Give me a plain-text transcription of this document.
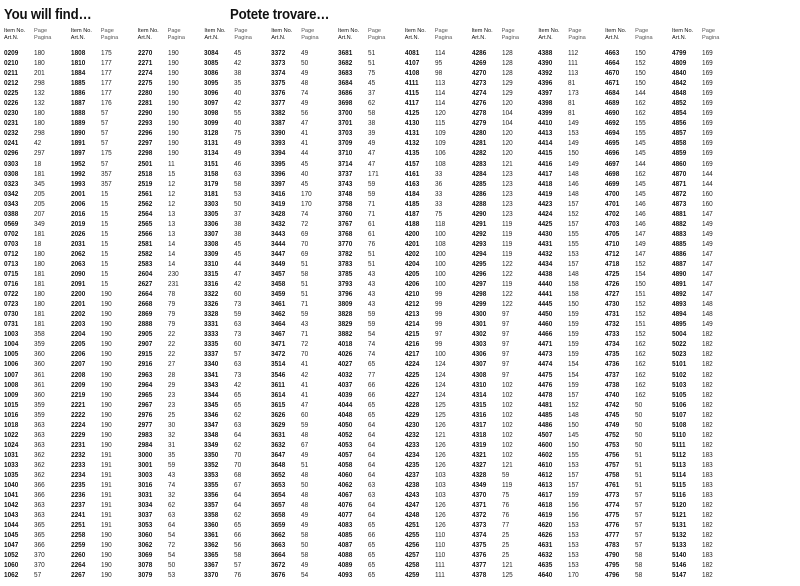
You will find…	Potete trovare…
Item No.
Art.N.
Page
Pagina
0209 180
0210 180
0211 201
0212 298
0225 132
0226 132
0230 180
0231 180
0232 298
0241 42
0296 297
0303 18
0308 181
0323 345
0342 205
0343 205
0388 207
0569 349
0702 181
0703 18
0712 180
0713 180
0715 181
0716 181
0722 180
0723 180
0730 181
0731 181
1003 358
1004 359
1005 360
1006 360
1007 361
1008 361
1009 360
1015 359
1016 359
1018 363
1022 363
1024 363
1031 362
1033 362
1035 362
1040 366
1041 366
1042 363
1043 363
1044 365
1045 365
1047 366
1052 370
1060 370
1062 57
Item No.
Art.N.
Page
Pagina
1808 175
1810 177
1884 177
1885 177
1886 177
1887 176
1888 57
1889 57
1890 57
1891 57
1897 175
1952 57
1992 357
1993 357
2001 15
2006 15
2016 15
2019 15
2026 15
2031 15
2062 15
2063 15
2090 15
2091 15
2200 190
2201 190
2202 190
2203 190
2204 190
2205 190
2206 190
2207 190
2208 190
2209 190
2219 190
2221 190
2222 190
2224 190
2229 190
2231 190
2232 191
2233 191
2234 191
2235 191
2236 191
2237 191
2241 191
2251 191
2258 190
2259 190
2260 190
2264 190
2267 190
Item No.
Art.N.
Page
Pagina
2270 190
2271 190
2274 190
2275 190
2280 190
2281 190
2290 190
2293 190
2296 190
2297 190
2298 190
2501 11
2518 15
2519 12
2561 12
2562 12
2564 13
2565 13
2566 13
2581 14
2582 14
2583 14
2604 230
2627 231
2664 78
2668 79
2869 79
2888 79
2905 22
2907 22
2915 22
2916 27
2963 28
2964 29
2965 23
2967 23
2976 25
2977 30
2983 32
2984 31
3000 35
3001 59
3003 43
3016 74
3031 32
3034 62
3037 63
3053 64
3060 54
3062 72
3069 54
3078 50
3079 53
Item No.
Art.N.
Page
Pagina
3084 45
3085 42
3086 38
3095 35
3096 40
3097 42
3098 55
3099 40
3128 75
3131 49
3134 49
3151 46
3158 63
3179 58
3181 53
3303 50
3305 37
3306 38
3307 38
3308 45
3309 45
3310 44
3315 47
3316 42
3322 60
3326 73
3328 59
3331 63
3333 73
3335 60
3337 57
3340 63
3341 73
3343 42
3344 65
3345 65
3346 62
3347 63
3348 64
3349 62
3350 70
3352 70
3353 68
3355 67
3356 64
3357 64
3358 62
3360 65
3361 66
3362 56
3365 58
3367 57
3370 76
Item No.
Art.N.
Page
Pagina
3372 49
3373 50
3374 49
3375 48
3376 74
3377 49
3382 56
3387 47
3390 41
3393 41
3394 44
3395 45
3396 40
3397 45
3416 170
3419 170
3428 74
3432 72
3443 69
3444 70
3447 69
3449 51
3457 58
3458 51
3459 51
3461 71
3462 59
3464 43
3467 71
3471 72
3472 70
3514 41
3546 42
3611 41
3614 41
3615 47
3626 60
3629 59
3631 48
3632 67
3647 49
3648 51
3652 48
3653 50
3654 48
3657 48
3658 49
3659 49
3662 58
3663 50
3664 58
3672 49
3676 54
Item No.
Art.N.
Page
Pagina
3681 51
3682 51
3683 75
3684 45
3686 37
3698 62
3700 58
3701 38
3703 39
3709 49
3710 47
3714 47
3737 171
3743 59
3748 59
3758 71
3760 71
3767 61
3768 61
3770 76
3782 51
3783 51
3785 43
3793 43
3796 43
3809 43
3828 59
3829 59
3882 54
4018 74
4026 74
4027 65
4032 77
4037 66
4039 66
4044 65
4048 65
4050 64
4052 64
4053 64
4057 64
4058 64
4060 64
4062 63
4067 63
4076 64
4077 64
4083 65
4085 66
4087 65
4088 65
4089 65
4093 65
Item No.
Art.N.
Page
Pagina
4081 114
4107 95
4108 98
4111 113
4115 114
4117 114
4125 120
4130 115
4131 109
4132 109
4135 106
4157 108
4161 33
4163 36
4184 33
4185 33
4187 75
4188 118
4200 100
4201 108
4202 100
4204 100
4205 100
4206 100
4210 99
4212 99
4213 99
4214 99
4215 97
4216 99
4217 100
4224 124
4225 124
4226 124
4227 124
4228 125
4229 125
4230 126
4232 121
4233 126
4234 126
4235 126
4237 103
4238 103
4243 103
4247 126
4248 126
4251 126
4255 110
4256 110
4257 110
4258 111
4259 111
Item No.
Art.N.
Page
Pagina
4286 128
4269 128
4270 128
4273 129
4274 129
4276 120
4278 104
4279 104
4280 120
4281 120
4282 120
4283 121
4284 123
4285 123
4286 123
4288 123
4290 123
4291 119
4292 119
4293 119
4294 119
4295 122
4296 122
4297 119
4298 122
4299 122
4300 97
4301 97
4302 97
4303 97
4306 97
4307 97
4308 97
4310 102
4314 102
4315 102
4316 102
4317 102
4318 102
4319 102
4321 102
4327 121
4328 59
4349 119
4370 75
4371 76
4372 76
4373 77
4374 25
4375 25
4376 25
4377 121
4378 125
Item No.
Art.N.
Page
Pagina
4388 112
4390 111
4392 113
4396 81
4397 173
4398 81
4399 81
4410 149
4413 153
4414 149
4415 150
4416 149
4417 148
4418 146
4419 148
4423 157
4424 152
4425 157
4430 155
4431 155
4432 153
4434 157
4438 148
4440 158
4441 158
4445 150
4450 159
4460 159
4466 159
4471 159
4473 159
4474 154
4475 154
4476 159
4478 157
4481 152
4485 148
4486 150
4507 145
4600 150
4602 155
4610 153
4612 157
4613 157
4617 159
4618 156
4619 156
4620 153
4626 153
4631 153
4632 153
4635 153
4640 170
Item No.
Art.N.
Page
Pagina
4663 150
4664 152
4670 150
4671 150
4684 144
4689 162
4690 162
4692 155
4694 155
4695 145
4696 145
4697 144
4698 162
4699 145
4700 145
4701 146
4702 146
4703 146
4705 147
4710 149
4712 147
4718 152
4725 154
4726 150
4727 151
4730 152
4731 152
4732 151
4733 152
4734 162
4735 162
4736 162
4737 162
4738 162
4740 162
4742 50
4745 50
4749 50
4752 50
4753 50
4756 51
4757 51
4758 51
4761 51
4773 57
4774 57
4775 57
4776 57
4777 57
4783 57
4790 58
4795 58
4796 58
Item No.
Art.N.
Page
Pagina
4799 169
4809 169
4840 169
4842 169
4848 169
4852 169
4854 169
4856 169
4857 169
4858 169
4859 169
4860 169
4870 144
4871 144
4872 160
4873 160
4881 147
4882 149
4883 149
4885 149
4886 147
4887 147
4890 147
4891 147
4892 147
4893 148
4894 148
4895 149
5004 182
5022 182
5023 182
5101 182
5102 182
5103 182
5105 182
5106 182
5107 182
5108 182
5110 182
5111 182
5112 183
5113 183
5114 183
5115 183
5116 183
5120 182
5121 182
5131 182
5132 182
5133 182
5140 183
5146 182
5147 182
